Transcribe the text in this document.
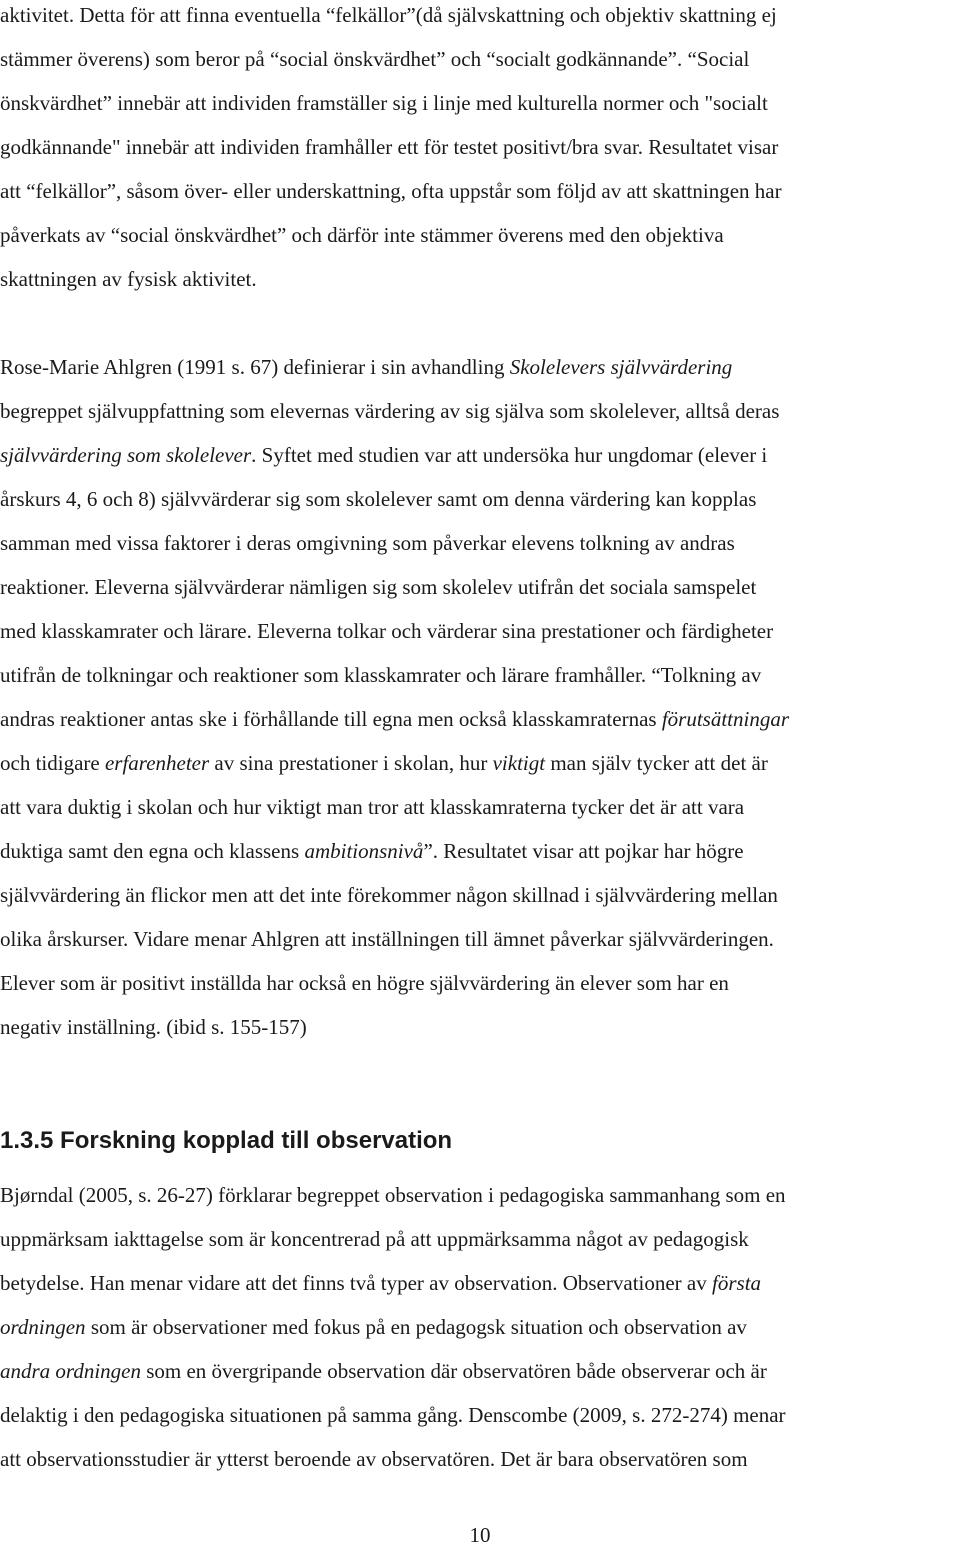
aktivitet. Detta för att finna eventuella “felkällor”(då självskattning och objektiv skattning ej
stämmer överens) som beror på “social önskvärdhet” och “socialt godkännande”. “Social
önskvärdhet” innebär att individen framställer sig i linje med kulturella normer och "socialt
godkännande" innebär att individen framhåller ett för testet positivt/bra svar. Resultatet visar
att “felkällor”, såsom över- eller underskattning, ofta uppstår som följd av att skattningen har
påverkats av “social önskvärdhet” och därför inte stämmer överens med den objektiva
skattningen av fysisk aktivitet.
Rose-Marie Ahlgren (1991 s. 67) definierar i sin avhandling Skolelevers självvärdering
begreppet självuppfattning som elevernas värdering av sig själva som skolelever, alltså deras
självvärdering som skolelever. Syftet med studien var att undersöka hur ungdomar (elever i
årskurs 4, 6 och 8) självvärderar sig som skolelever samt om denna värdering kan kopplas
samman med vissa faktorer i deras omgivning som påverkar elevens tolkning av andras
reaktioner. Eleverna självvärderar nämligen sig som skolelev utifrån det sociala samspelet
med klasskamrater och lärare. Eleverna tolkar och värderar sina prestationer och färdigheter
utifrån de tolkningar och reaktioner som klasskamrater och lärare framhåller. “Tolkning av
andras reaktioner antas ske i förhållande till egna men också klasskamraternas förutsättningar
och tidigare erfarenheter av sina prestationer i skolan, hur viktigt man själv tycker att det är
att vara duktig i skolan och hur viktigt man tror att klasskamraterna tycker det är att vara
duktiga samt den egna och klassens ambitionsnivå”. Resultatet visar att pojkar har högre
självvärdering än flickor men att det inte förekommer någon skillnad i självvärdering mellan
olika årskurser. Vidare menar Ahlgren att inställningen till ämnet påverkar självvärderingen.
Elever som är positivt inställda har också en högre självvärdering än elever som har en
negativ inställning. (ibid s. 155-157)
1.3.5 Forskning kopplad till observation
Bjørndal (2005, s. 26-27) förklarar begreppet observation i pedagogiska sammanhang som en
uppmärksam iakttagelse som är koncentrerad på att uppmärksamma något av pedagogisk
betydelse. Han menar vidare att det finns två typer av observation. Observationer av första
ordningen som är observationer med fokus på en pedagogsk situation och observation av
andra ordningen som en övergripande observation där observatören både observerar och är
delaktig i den pedagogiska situationen på samma gång. Denscombe (2009, s. 272-274) menar
att observationsstudier är ytterst beroende av observatören. Det är bara observatören som
10
